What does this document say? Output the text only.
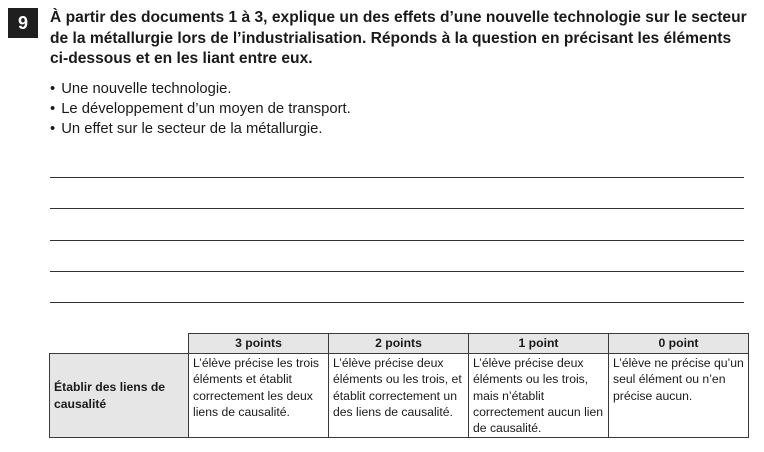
9	À partir des documents 1 à 3, explique un des effets d’une nouvelle technologie sur le secteur de la métallurgie lors de l’industrialisation. Réponds à la question en précisant les éléments ci-dessous et en les liant entre eux.

• Une nouvelle technologie.
• Le développement d’un moyen de transport.
• Un effet sur le secteur de la métallurgie.
	3 points	2 points	1 point	0 point
Établir des liens de causalité	L’élève précise les trois éléments et établit correctement les deux liens de causalité.	L’élève précise deux éléments ou les trois, et établit correctement un des liens de causalité.	L’élève précise deux éléments ou les trois, mais n’établit correctement aucun lien de causalité.	L’élève ne précise qu’un seul élément ou n’en précise aucun.
